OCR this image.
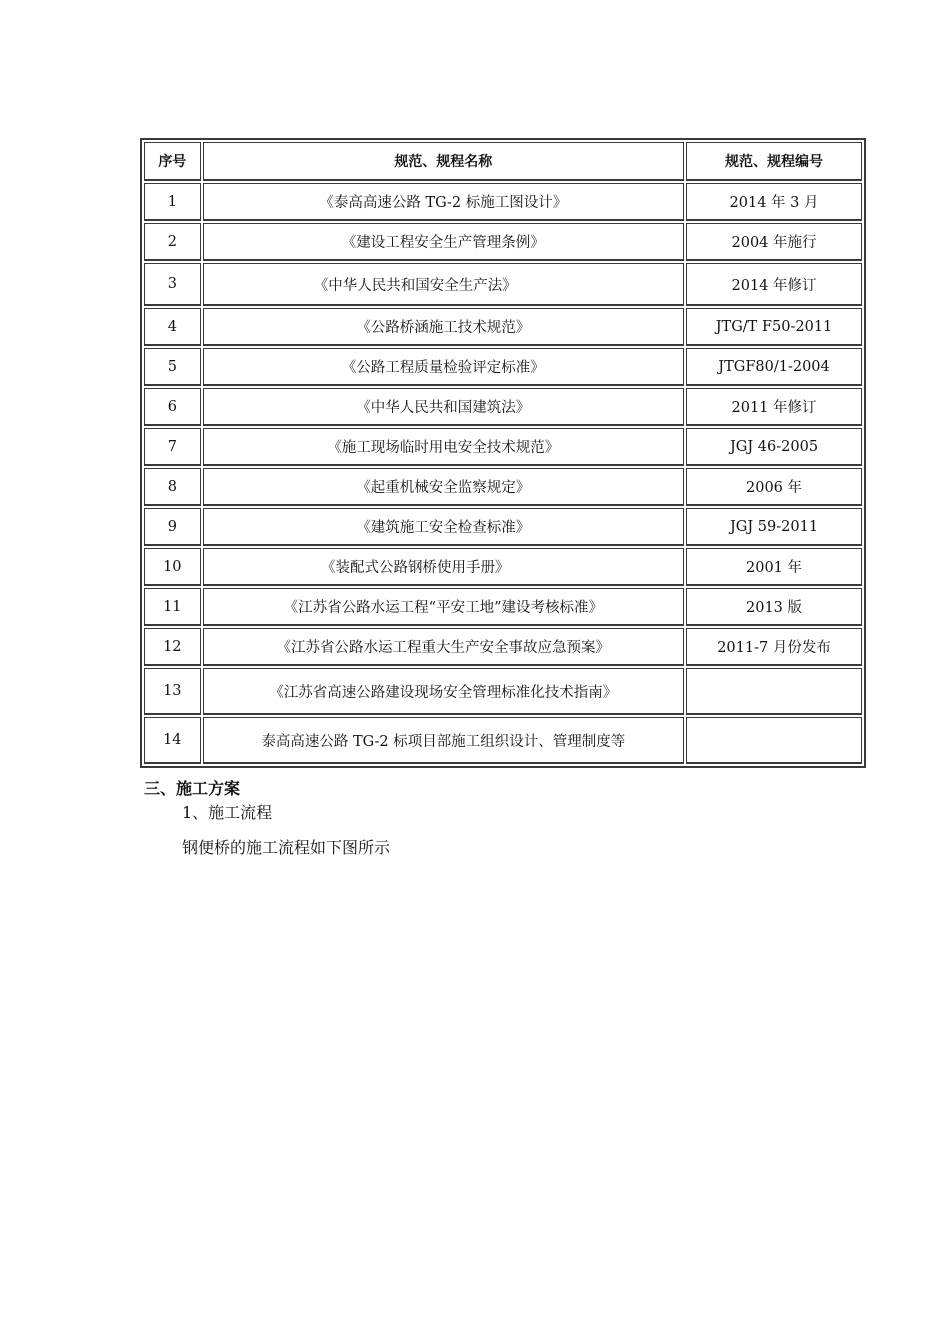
序号	规范、规程名称	规范、规程编号
1	《泰高高速公路 TG-2 标施工图设计》	2014 年 3 月
2	《建设工程安全生产管理条例》	2004 年施行
3	《中华人民共和国安全生产法》	2014 年修订
4	《公路桥涵施工技术规范》	JTG/T F50-2011
5	《公路工程质量检验评定标准》	JTGF80/1-2004
6	《中华人民共和国建筑法》	2011 年修订
7	《施工现场临时用电安全技术规范》	JGJ 46-2005
8	《起重机械安全监察规定》	2006 年
9	《建筑施工安全检查标准》	JGJ 59-2011
10	《装配式公路钢桥使用手册》	2001 年
11	《江苏省公路水运工程“平安工地”建设考核标准》	2013 版
12	《江苏省公路水运工程重大生产安全事故应急预案》	2011-7 月份发布
13	《江苏省高速公路建设现场安全管理标准化技术指南》	
14	泰高高速公路 TG-2 标项目部施工组织设计、管理制度等	
三、施工方案
1、施工流程
钢便桥的施工流程如下图所示
